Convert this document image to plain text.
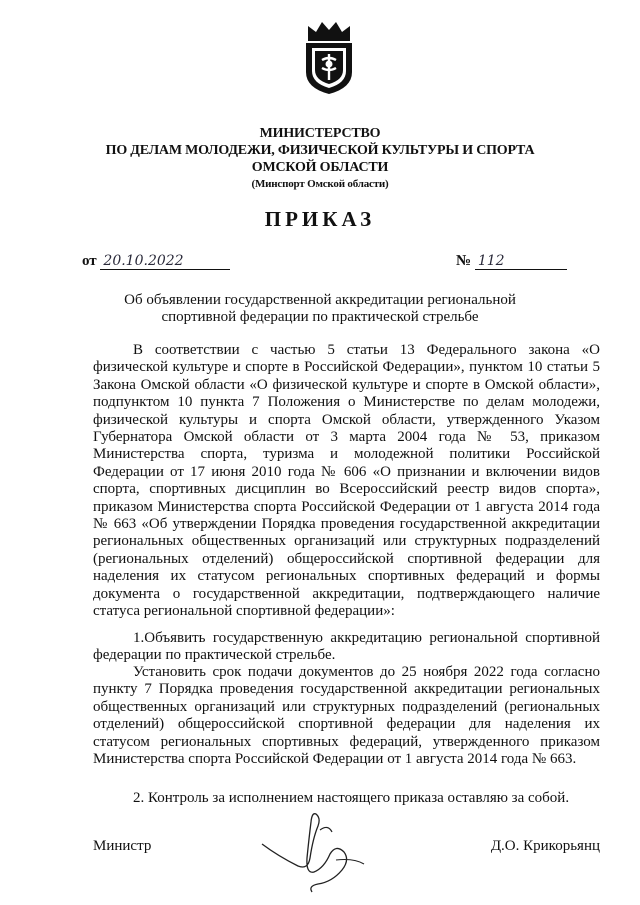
МИНИСТЕРСТВО
ПО ДЕЛАМ МОЛОДЕЖИ, ФИЗИЧЕСКОЙ КУЛЬТУРЫ И СПОРТА
ОМСКОЙ ОБЛАСТИ
(Минспорт Омской области)
ПРИКАЗ
от 20.10.2022	№ 112
Об объявлении государственной аккредитации региональной спортивной федерации по практической стрельбе
В соответствии с частью 5 статьи 13 Федерального закона «О физической культуре и спорте в Российской Федерации», пунктом 10 статьи 5 Закона Омской области «О физической культуре и спорте в Омской области», подпунктом 10 пункта 7 Положения о Министерстве по делам молодежи, физической культуры и спорта Омской области, утвержденного Указом Губернатора Омской области от 3 марта 2004 года № 53, приказом Министерства спорта, туризма и молодежной политики Российской Федерации от 17 июня 2010 года № 606 «О признании и включении видов спорта, спортивных дисциплин во Всероссийский реестр видов спорта», приказом Министерства спорта Российской Федерации от 1 августа 2014 года № 663 «Об утверждении Порядка проведения государственной аккредитации региональных общественных организаций или структурных подразделений (региональных отделений) общероссийской спортивной федерации для наделения их статусом региональных спортивных федераций и формы документа о государственной аккредитации, подтверждающего наличие статуса региональной спортивной федерации»:
1.Объявить государственную аккредитацию региональной спортивной федерации по практической стрельбе.
Установить срок подачи документов до 25 ноября 2022 года согласно пункту 7 Порядка проведения государственной аккредитации региональных общественных организаций или структурных подразделений (региональных отделений) общероссийской спортивной федерации для наделения их статусом региональных спортивных федераций, утвержденного приказом Министерства спорта Российской Федерации от 1 августа 2014 года № 663.
2. Контроль за исполнением настоящего приказа оставляю за собой.
Министр	Д.О. Крикорьянц
